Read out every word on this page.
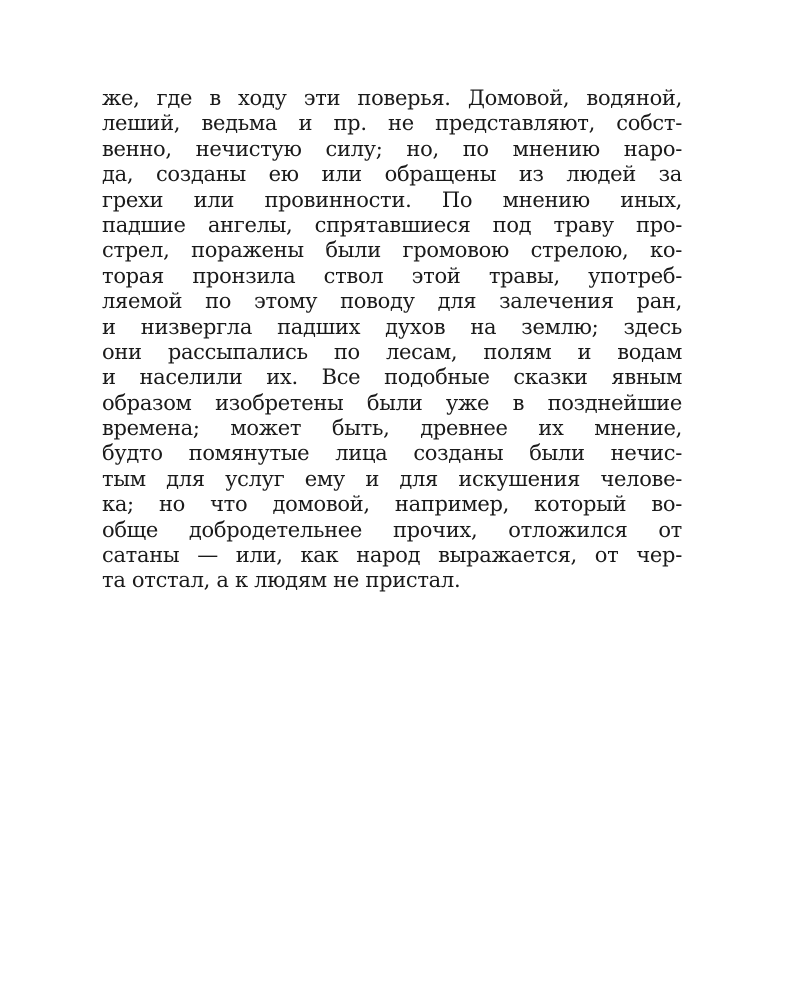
же, где в ходу эти поверья. Домовой, водяной,
леший, ведьма и пр. не представляют, собст-
венно, нечистую силу; но, по мнению наро-
да, созданы ею или обращены из людей за
грехи или провинности. По мнению иных,
падшие ангелы, спрятавшиеся под траву про-
стрел, поражены были громовою стрелою, ко-
торая пронзила ствол этой травы, употреб-
ляемой по этому поводу для залечения ран,
и низвергла падших духов на землю; здесь
они рассыпались по лесам, полям и водам
и населили их. Все подобные сказки явным
образом изобретены были уже в позднейшие
времена; может быть, древнее их мнение,
будто помянутые лица созданы были нечис-
тым для услуг ему и для искушения челове-
ка; но что домовой, например, который во-
обще добродетельнее прочих, отложился от
сатаны — или, как народ выражается, от чер-
та отстал, а к людям не пристал.
